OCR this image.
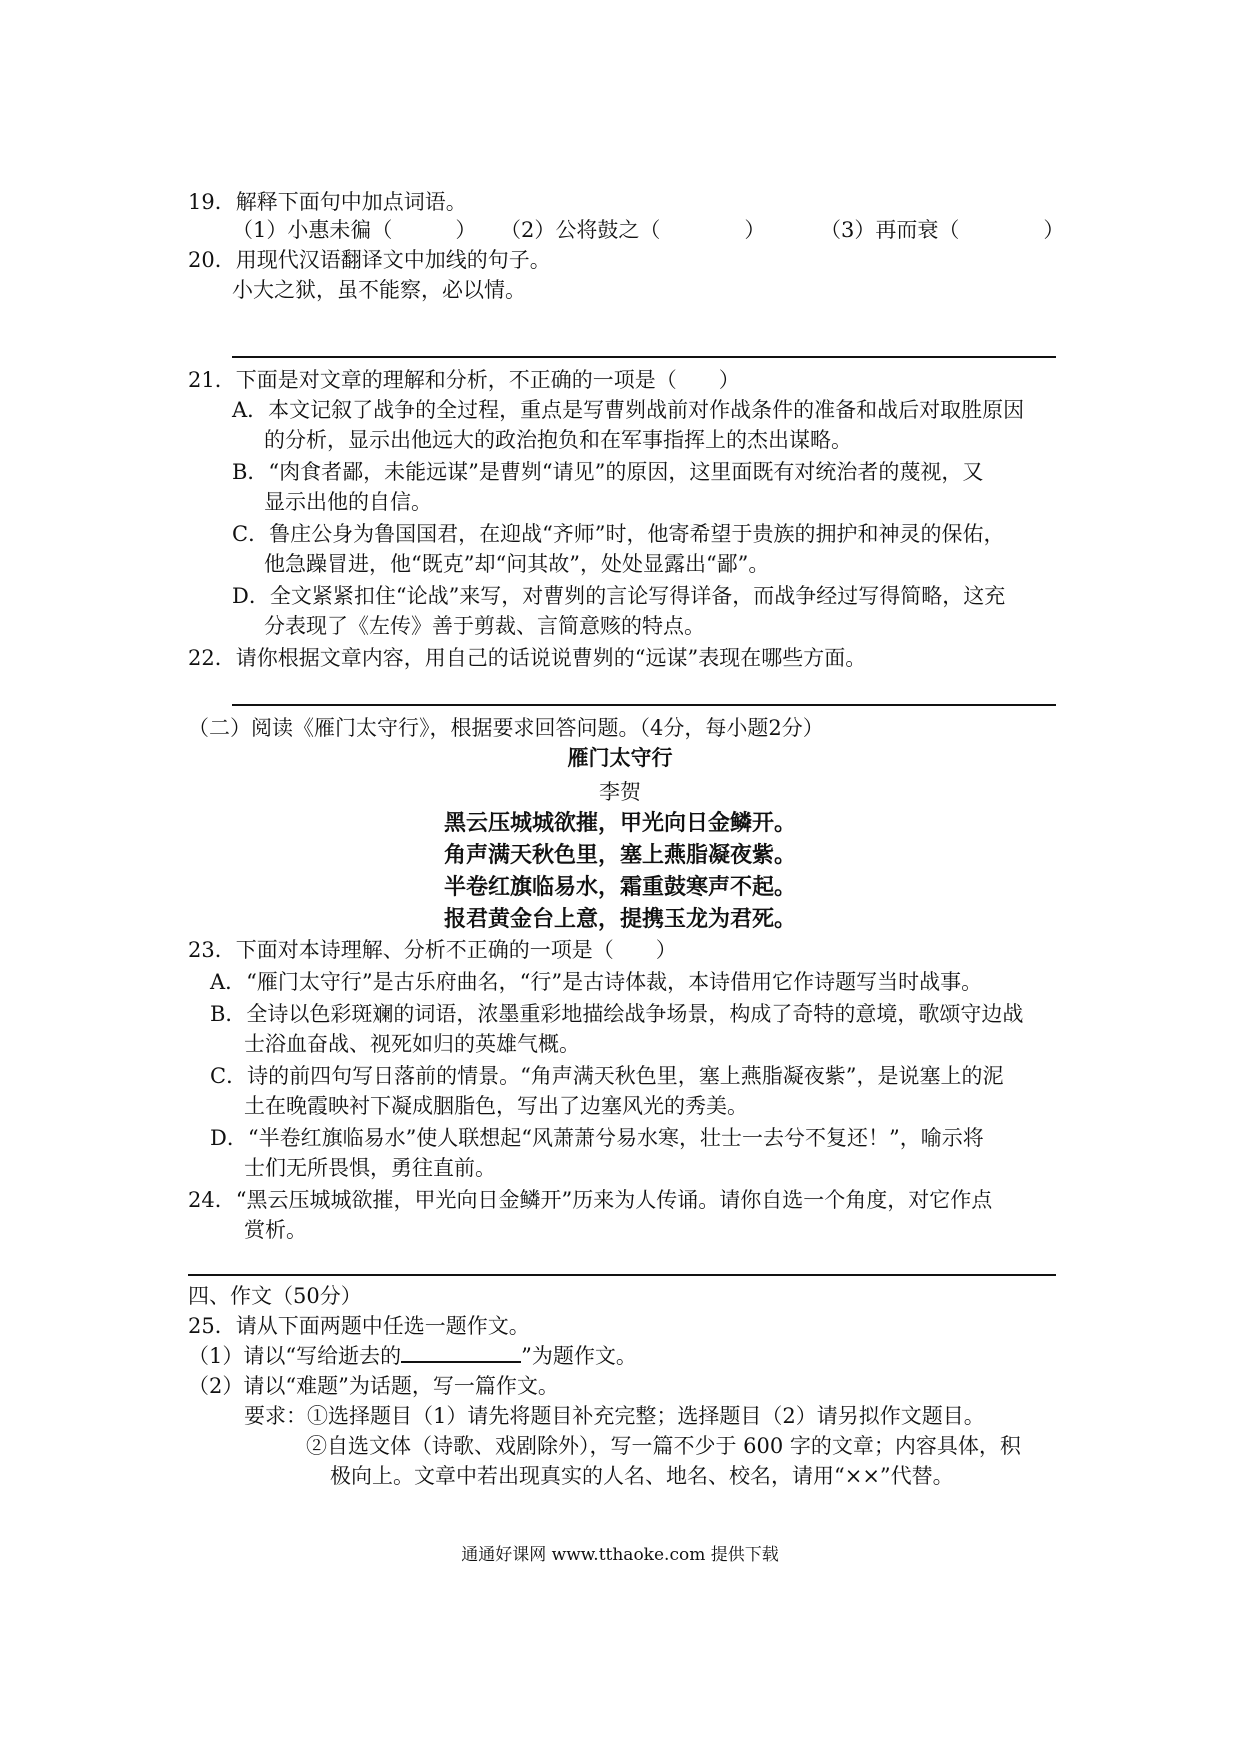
19．解释下面句中加点词语。
（1）小惠未徧（　　　） （2）公将鼓之（　　　　）	（3）再而衰（　　　　）
20．用现代汉语翻译文中加线的句子。
小大之狱，虽不能察，必以情。
21．下面是对文章的理解和分析，不正确的一项是（　　）
A．本文记叙了战争的全过程，重点是写曹刿战前对作战条件的准备和战后对取胜原因
的分析，显示出他远大的政治抱负和在军事指挥上的杰出谋略。
B．“肉食者鄙，未能远谋”是曹刿“请见”的原因，这里面既有对统治者的蔑视，又
显示出他的自信。
C．鲁庄公身为鲁国国君，在迎战“齐师”时，他寄希望于贵族的拥护和神灵的保佑，
他急躁冒进，他“既克”却“问其故”，处处显露出“鄙”。
D．全文紧紧扣住“论战”来写，对曹刿的言论写得详备，而战争经过写得简略，这充
分表现了《左传》善于剪裁、言简意赅的特点。
22．请你根据文章内容，用自己的话说说曹刿的“远谋”表现在哪些方面。
（二）阅读《雁门太守行》，根据要求回答问题。（4分，每小题2分）
雁门太守行
李贺
黑云压城城欲摧，甲光向日金鳞开。
角声满天秋色里，塞上燕脂凝夜紫。
半卷红旗临易水，霜重鼓寒声不起。
报君黄金台上意，提携玉龙为君死。
23．下面对本诗理解、分析不正确的一项是（　　）
A．“雁门太守行”是古乐府曲名，“行”是古诗体裁，本诗借用它作诗题写当时战事。
B．全诗以色彩斑斓的词语，浓墨重彩地描绘战争场景，构成了奇特的意境，歌颂守边战
士浴血奋战、视死如归的英雄气概。
C．诗的前四句写日落前的情景。“角声满天秋色里，塞上燕脂凝夜紫”，是说塞上的泥
土在晚霞映衬下凝成胭脂色，写出了边塞风光的秀美。
D．“半卷红旗临易水”使人联想起“风萧萧兮易水寒，壮士一去兮不复还！”，喻示将
士们无所畏惧，勇往直前。
24．“黑云压城城欲摧，甲光向日金鳞开”历来为人传诵。请你自选一个角度，对它作点
赏析。
四、作文（50分）
25．请从下面两题中任选一题作文。
（1）请以“写给逝去的	”为题作文。
（2）请以“难题”为话题，写一篇作文。
要求：①选择题目（1）请先将题目补充完整；选择题目（2）请另拟作文题目。
②自选文体（诗歌、戏剧除外），写一篇不少于 600 字的文章；内容具体，积
极向上。文章中若出现真实的人名、地名、校名，请用“××”代替。
通通好课网 www.tthaoke.com 提供下载
